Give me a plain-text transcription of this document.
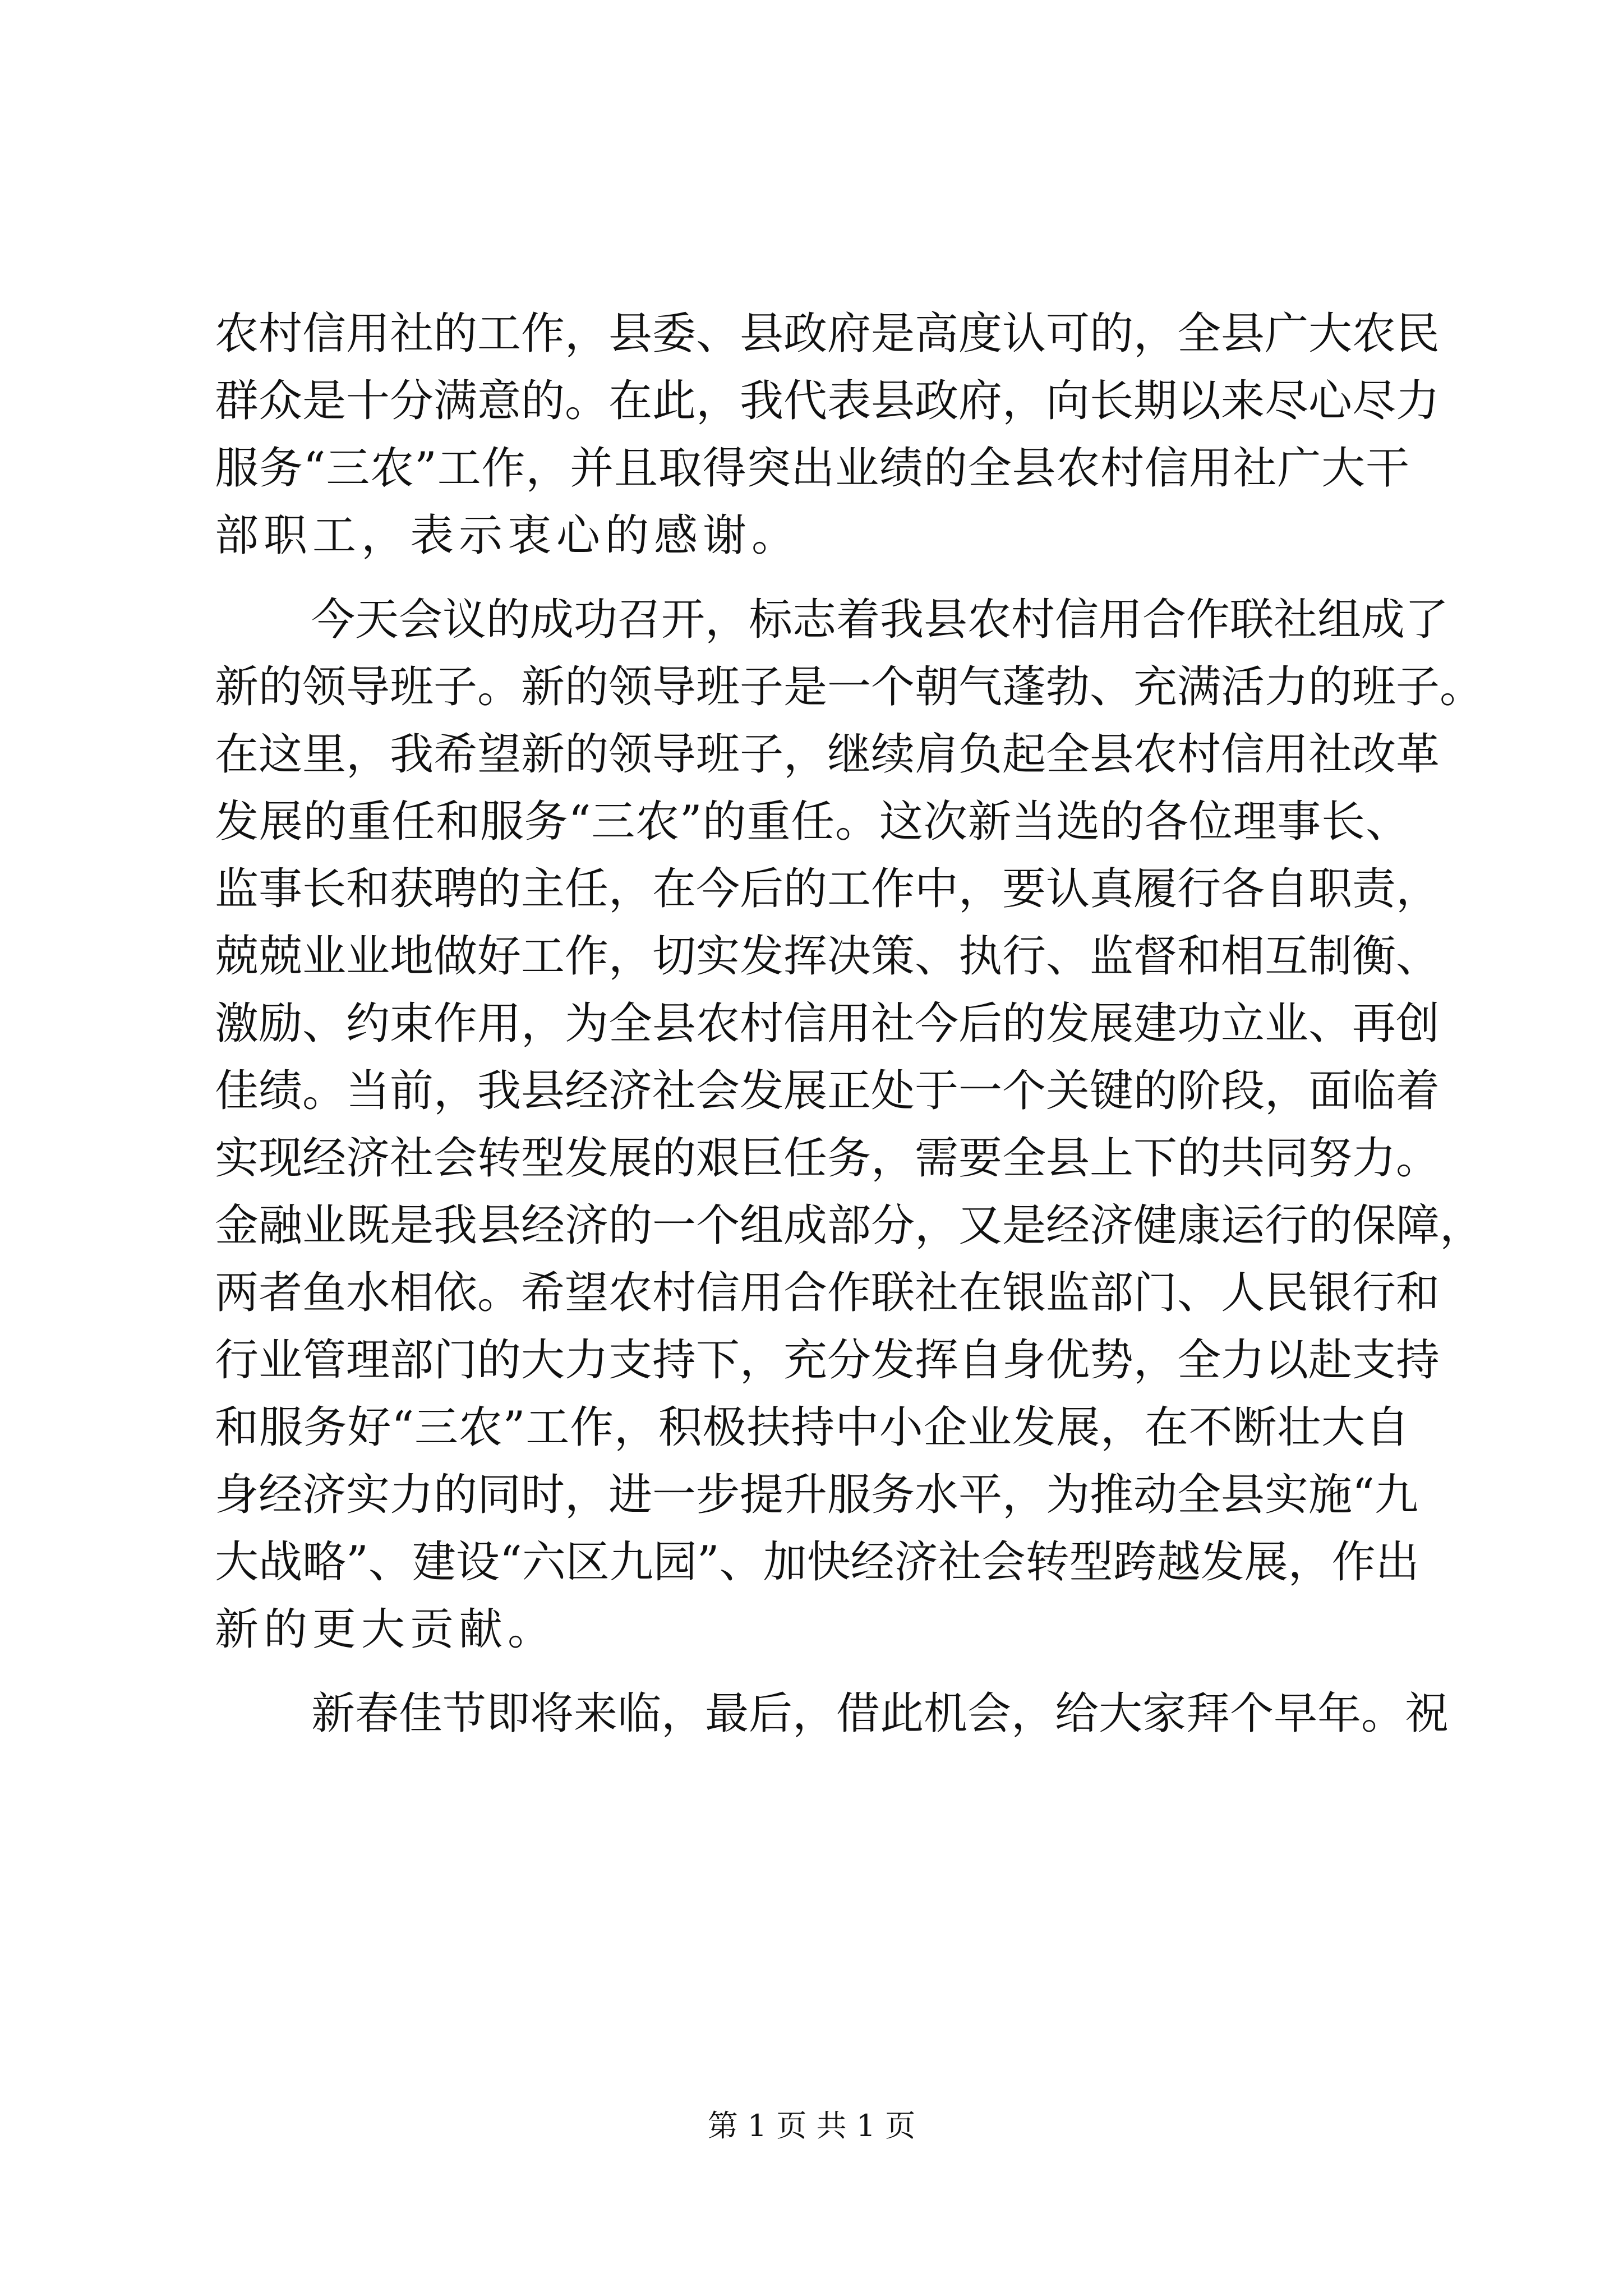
农村信用社的工作，县委、县政府是高度认可的，全县广大农民
群众是十分满意的。在此，我代表县政府，向长期以来尽心尽力
服务“三农”工作，并且取得突出业绩的全县农村信用社广大干
部职工，表示衷心的感谢。
今天会议的成功召开，标志着我县农村信用合作联社组成了
新的领导班子。新的领导班子是一个朝气蓬勃、充满活力的班子。
在这里，我希望新的领导班子，继续肩负起全县农村信用社改革
发展的重任和服务“三农”的重任。这次新当选的各位理事长、
监事长和获聘的主任，在今后的工作中，要认真履行各自职责，
兢兢业业地做好工作，切实发挥决策、执行、监督和相互制衡、
激励、约束作用，为全县农村信用社今后的发展建功立业、再创
佳绩。当前，我县经济社会发展正处于一个关键的阶段，面临着
实现经济社会转型发展的艰巨任务，需要全县上下的共同努力。
金融业既是我县经济的一个组成部分，又是经济健康运行的保障，
两者鱼水相依。希望农村信用合作联社在银监部门、人民银行和
行业管理部门的大力支持下，充分发挥自身优势，全力以赴支持
和服务好“三农”工作，积极扶持中小企业发展，在不断壮大自
身经济实力的同时，进一步提升服务水平，为推动全县实施“九
大战略”、建设“六区九园”、加快经济社会转型跨越发展，作出
新的更大贡献。
新春佳节即将来临，最后，借此机会，给大家拜个早年。祝
第 1 页 共 1 页
